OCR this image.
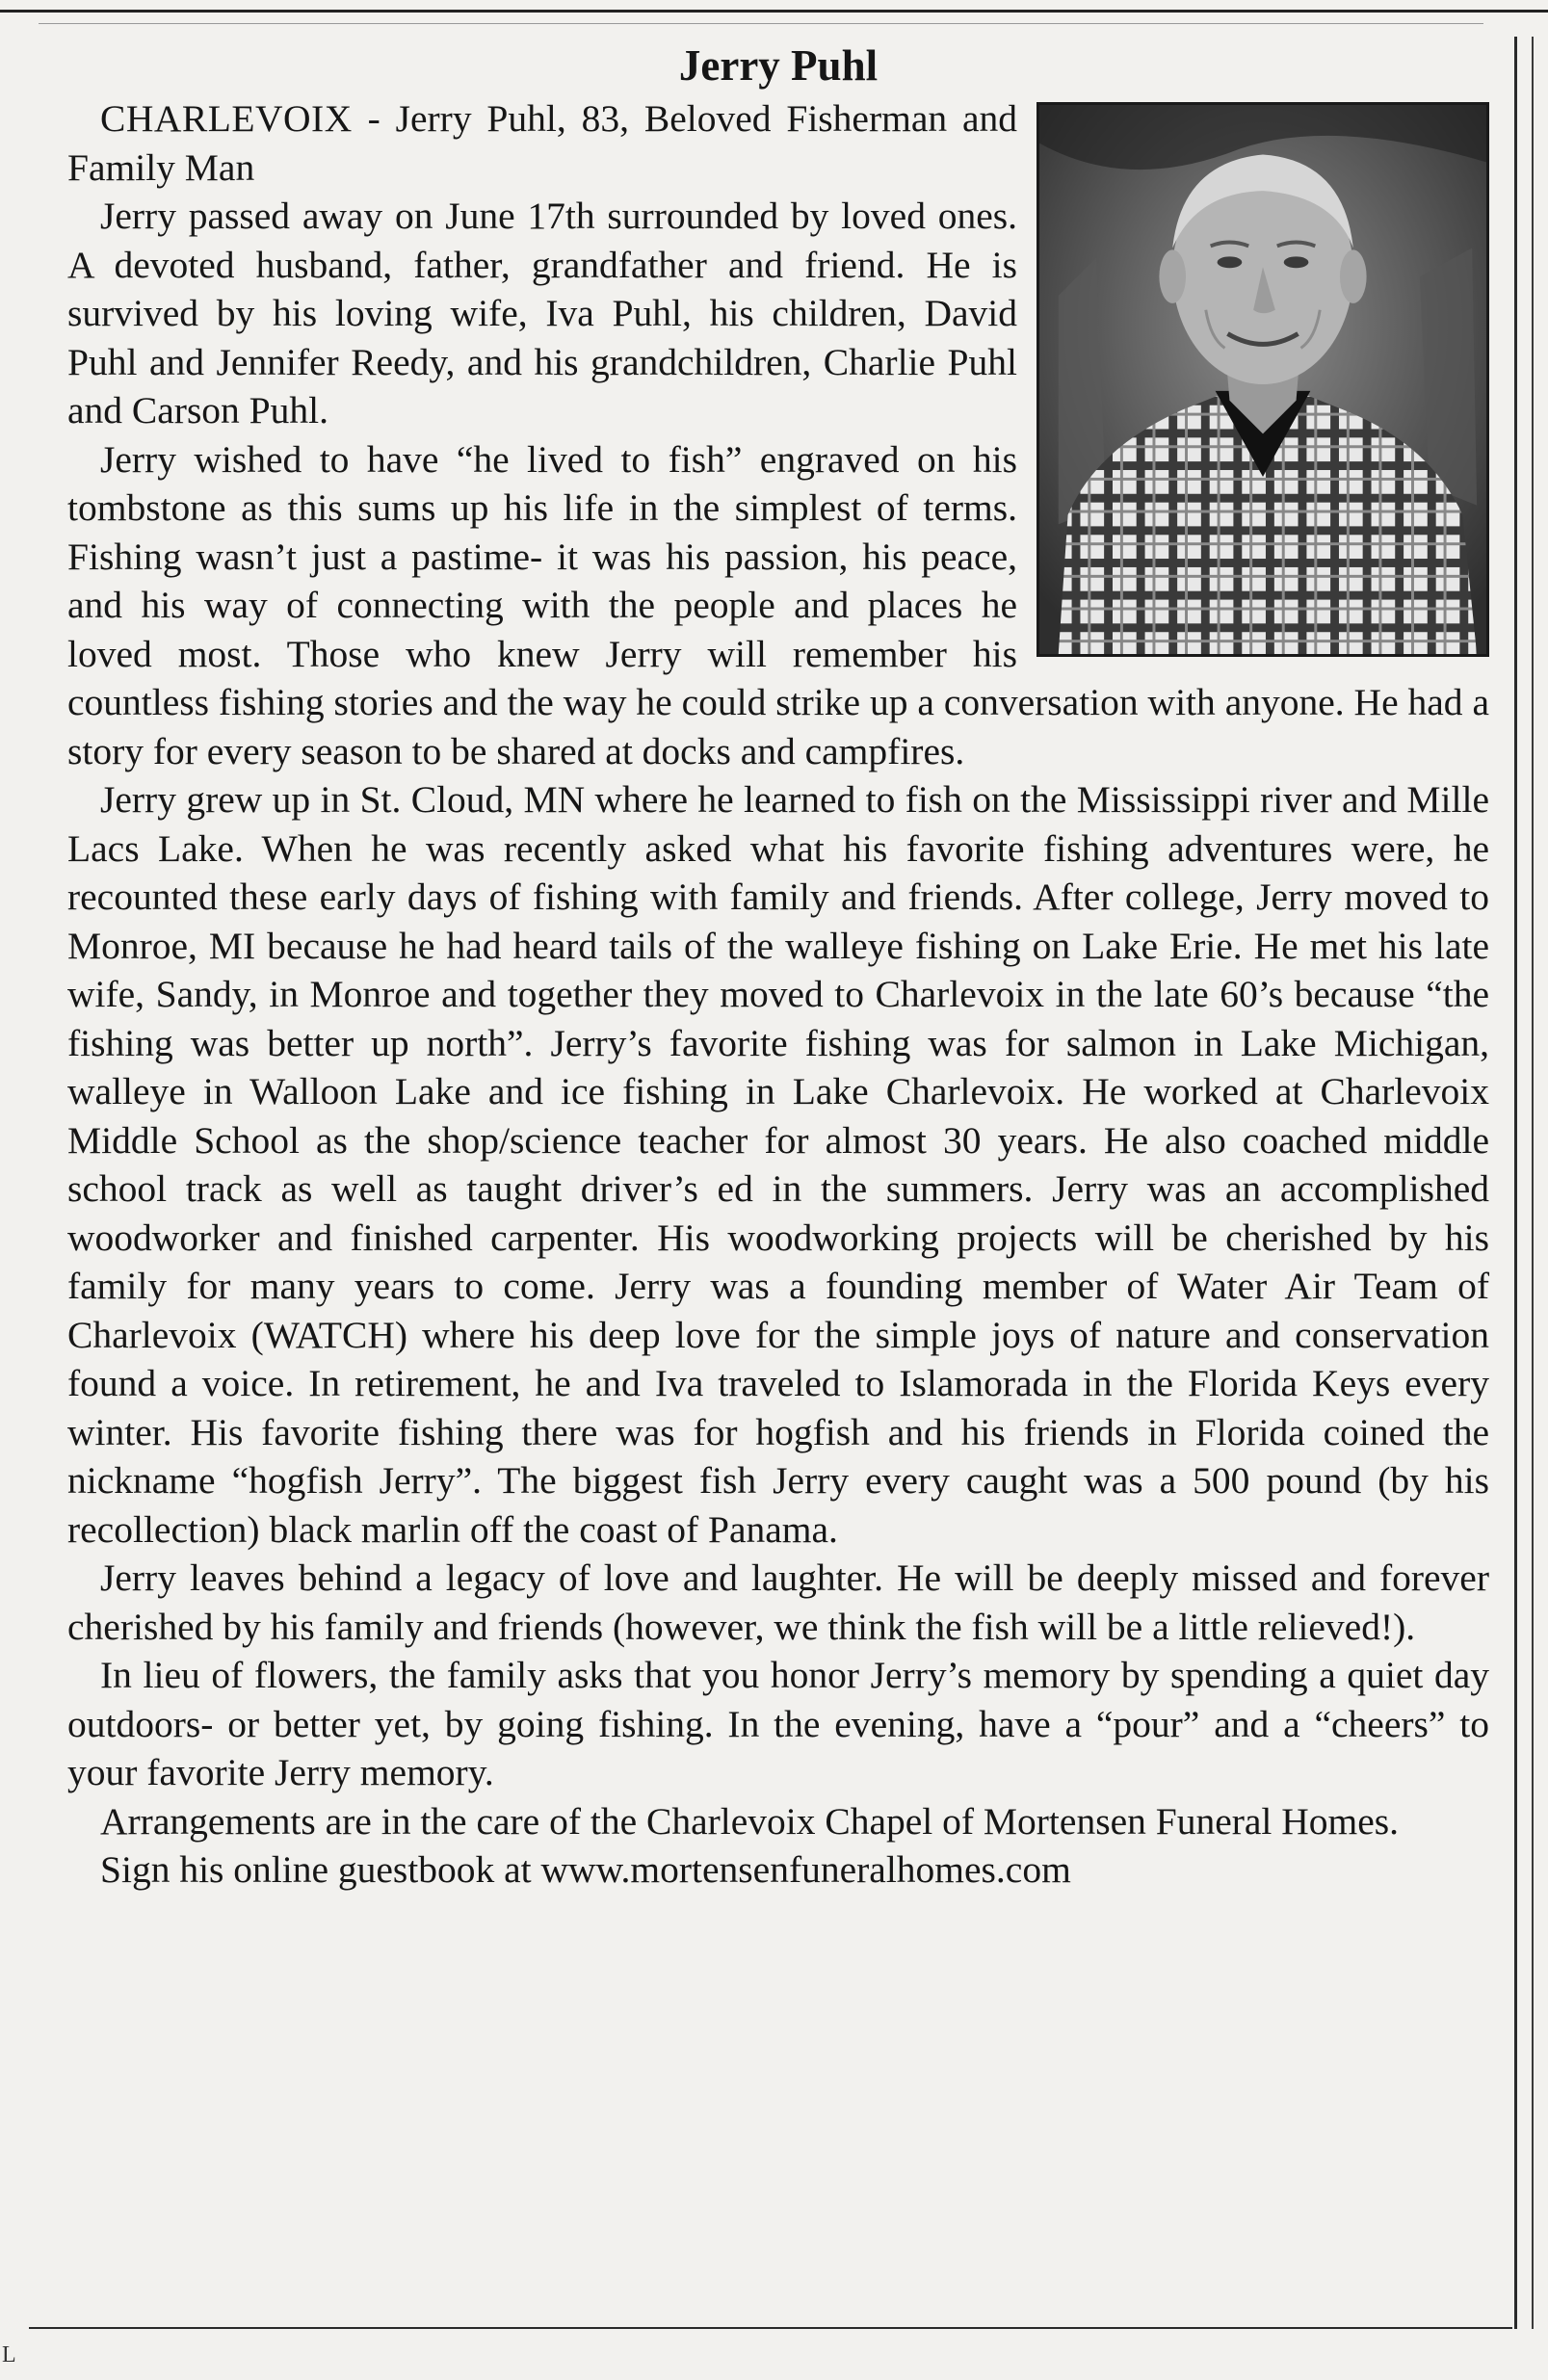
Jerry Puhl

CHARLEVOIX - Jerry Puhl, 83, Beloved Fisherman and Family Man

Jerry passed away on June 17th surrounded by loved ones. A devoted husband, father, grandfather and friend. He is survived by his loving wife, Iva Puhl, his children, David Puhl and Jennifer Reedy, and his grandchildren, Charlie Puhl and Carson Puhl.

Jerry wished to have “he lived to fish” engraved on his tombstone as this sums up his life in the simplest of terms. Fishing wasn’t just a pastime- it was his passion, his peace, and his way of connecting with the people and places he loved most. Those who knew Jerry will remember his countless fishing stories and the way he could strike up a conversation with anyone. He had a story for every season to be shared at docks and campfires.

Jerry grew up in St. Cloud, MN where he learned to fish on the Mississippi river and Mille Lacs Lake. When he was recently asked what his favorite fishing adventures were, he recounted these early days of fishing with family and friends. After college, Jerry moved to Monroe, MI because he had heard tails of the walleye fishing on Lake Erie. He met his late wife, Sandy, in Monroe and together they moved to Charlevoix in the late 60’s because “the fishing was better up north”. Jerry’s favorite fishing was for salmon in Lake Michigan, walleye in Walloon Lake and ice fishing in Lake Charlevoix. He worked at Charlevoix Middle School as the shop/science teacher for almost 30 years. He also coached middle school track as well as taught driver’s ed in the summers. Jerry was an accomplished woodworker and finished carpenter. His woodworking projects will be cherished by his family for many years to come. Jerry was a founding member of Water Air Team of Charlevoix (WATCH) where his deep love for the simple joys of nature and conservation found a voice. In retirement, he and Iva traveled to Islamorada in the Florida Keys every winter. His favorite fishing there was for hogfish and his friends in Florida coined the nickname “hogfish Jerry”. The biggest fish Jerry every caught was a 500 pound (by his recollection) black marlin off the coast of Panama.

Jerry leaves behind a legacy of love and laughter. He will be deeply missed and forever cherished by his family and friends (however, we think the fish will be a little relieved!).

In lieu of flowers, the family asks that you honor Jerry’s memory by spending a quiet day outdoors- or better yet, by going fishing. In the evening, have a “pour” and a “cheers” to your favorite Jerry memory.

Arrangements are in the care of the Charlevoix Chapel of Mortensen Funeral Homes.

Sign his online guestbook at www.mortensenfuneralhomes.com

L
